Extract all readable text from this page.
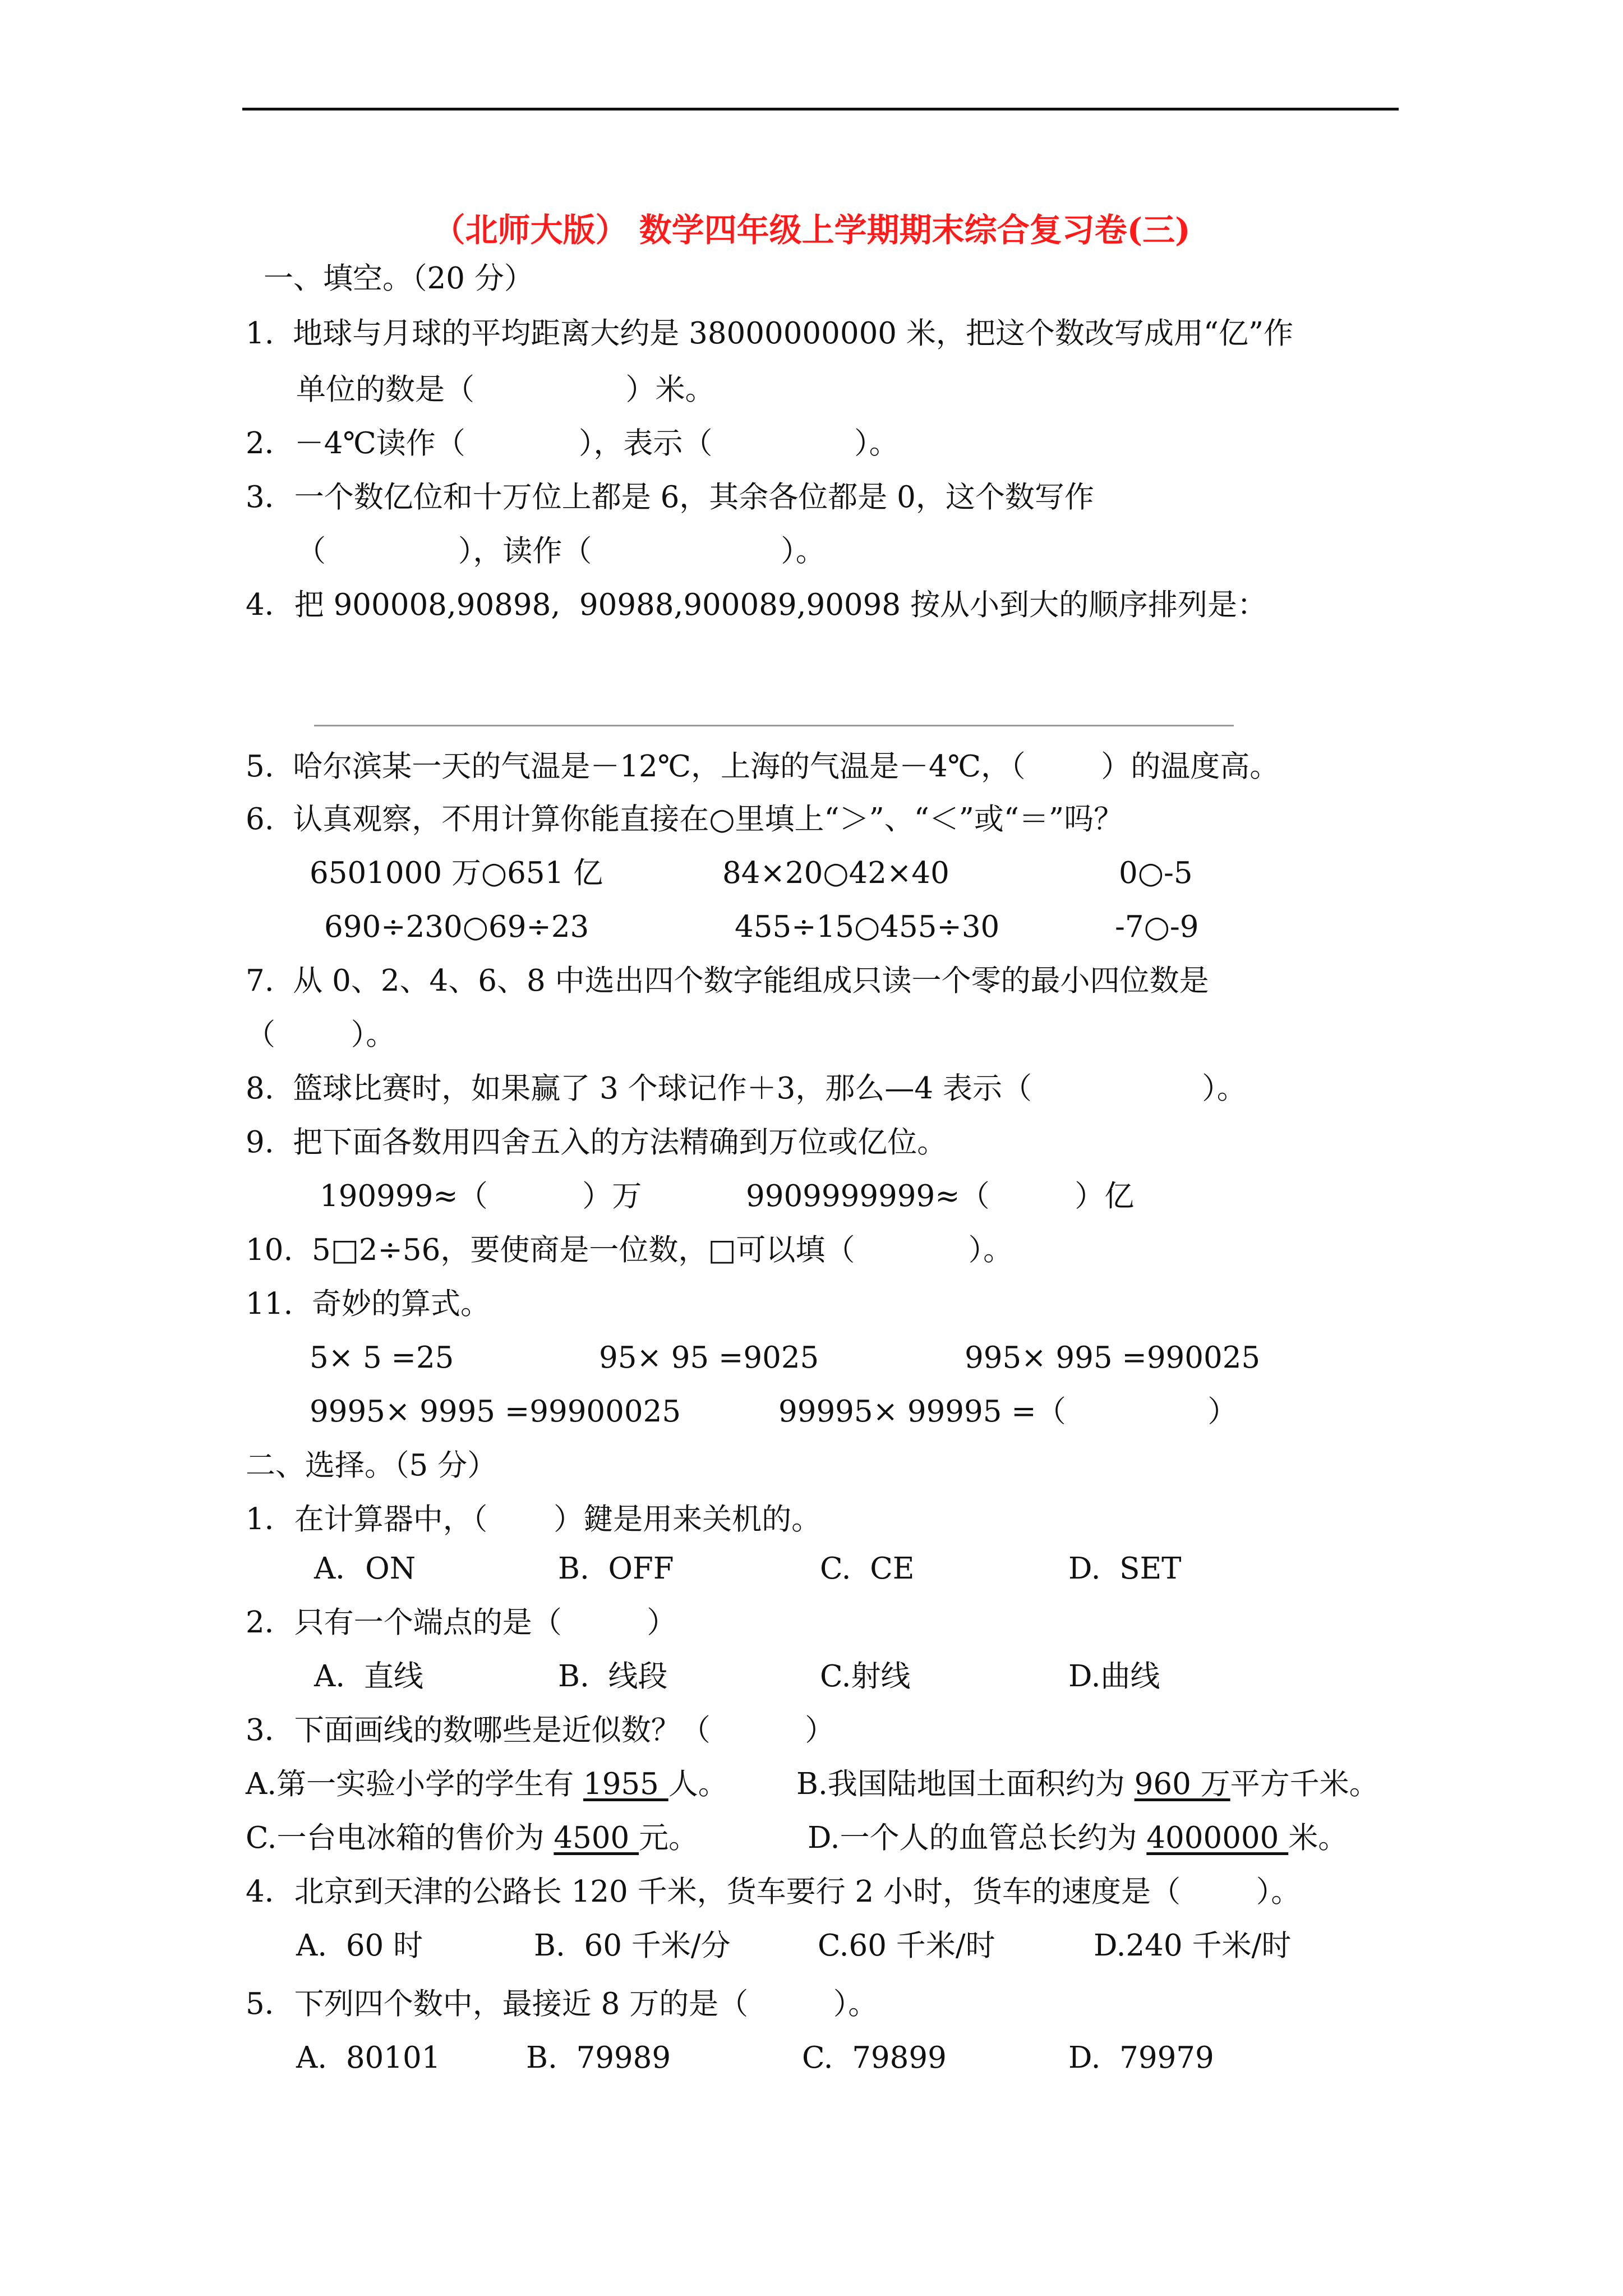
（北师大版） 数学四年级上学期期末综合复习卷(三)
一、填空。（20 分）
1.  地球与月球的平均距离大约是 38000000000 米，把这个数改写成用“亿”作
单位的数是（                ）米。
2．－4℃读作（            ），表示（               ）。
3．一个数亿位和十万位上都是 6，其余各位都是 0，这个数写作
（              ），读作（                    ）。
4．把 900008,90898,  90988,900089,90098 按从小到大的顺序排列是：
5.  哈尔滨某一天的气温是－12℃，上海的气温是－4℃，（        ）的温度高。
6.  认真观察，不用计算你能直接在○里填上“＞”、“＜”或“＝”吗？
6501000 万○651 亿	84×20○42×40	0○-5
690÷230○69÷23	455÷15○455÷30	-7○-9
7.  从 0、2、4、6、8 中选出四个数字能组成只读一个零的最小四位数是
（        ）。
8.  篮球比赛时，如果赢了 3 个球记作＋3，那么—4 表示（                  ）。
9.  把下面各数用四舍五入的方法精确到万位或亿位。
190999≈（          ）万	9909999999≈（         ）亿
10.  5□2÷56，要使商是一位数，□可以填（            ）。
11.  奇妙的算式。
5× 5 =25	95× 95 =9025	995× 995 =990025
9995× 9995 =99900025	99995× 99995 =（               ）
二、选择。（5 分）
1．在计算器中，（       ）鍵是用来关机的。
A．ON	B.  OFF	C.  CE	D.  SET
2．只有一个端点的是（         ）
A.  直线	B.  线段	C.射线	D.曲线
3．下面画线的数哪些是近似数？（          ）
A.第一实验小学的学生有 1955 人。 B.我国陆地国土面积约为 960 万平方千米。
C.一台电冰箱的售价为 4500 元。	D.一个人的血管总长约为 4000000 米。
4．北京到天津的公路长 120 千米，货车要行 2 小时，货车的速度是（        ）。
A.  60 时	B.  60 千米/分	C.60 千米/时	D.240 千米/时
5．下列四个数中，最接近 8 万的是（         ）。
A.  80101	B.  79989	C.  79899	D.  79979
